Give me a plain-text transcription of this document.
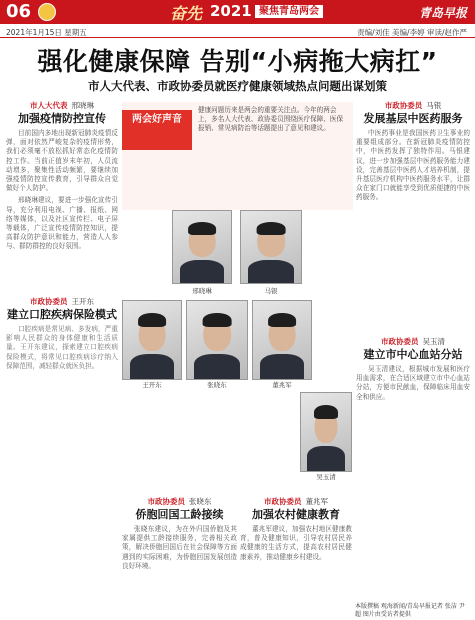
06	奋先 2021 聚焦青岛两会	青岛早报
2021年1月15日 星期五	责编/刘佳 美编/李婷 审读/赵作严
强化健康保障 告别“小病拖大病扛”
市人大代表、市政协委员就医疗健康领域热点问题出谋划策
市人大代表 邢晓琳
加强疫情防控宣传

目前国内多地出现新冠肺炎疫情反弹，面对依然严峻复杂的疫情形势，我们必须毫不放松抓好常态化疫情防控工作。当前正值岁末年初，人员流动增多，聚集性活动频繁，要继续加强疫情防控宣传教育，引导群众自觉做好个人防护。

邢晓琳建议，要进一步强化宣传引导，充分利用电视、广播、报纸、网络等媒体，以及社区宣传栏、电子屏等载体，广泛宣传疫情防控知识，提高群众防护意识和能力，营造人人参与、群防群控的良好氛围。

市政协委员 王开东
建立口腔疾病保险模式

口腔疾病是常见病、多发病，严重影响人民群众的身体健康和生活质量。王开东建议，探索建立口腔疾病保险模式，将常见口腔疾病诊疗纳入保障范围，减轻群众就医负担。

两会好声音
健康问题历来是两会的重要关注点。今年的两会上，多名人大代表、政协委员围绕医疗保障、医保报销、常见病防治等话题提出了意见和建议。
邢晓琳	马银
王开东	张晓东	董兆军
吴玉清
市政协委员 张晓东
侨胞回国工龄接续

张晓东建议，为在外归国侨胞及其家属提供工龄接续服务，完善相关政策，解决侨胞回国后在社会保障等方面遇到的实际困难，为侨胞回国发展创造良好环境。

市政协委员 董兆军
加强农村健康教育

董兆军建议，加强农村地区健康教育，普及健康知识，引导农村居民养成健康的生活方式，提高农村居民健康素养，推动健康乡村建设。

市政协委员 马银
发展基层中医药服务

中医药事业是我国医药卫生事业的重要组成部分。在新冠肺炎疫情防控中，中医药发挥了独特作用。马银建议，进一步加强基层中医药服务能力建设，完善基层中医药人才培养机制，提升基层医疗机构中医药服务水平，让群众在家门口就能享受到优质便捷的中医药服务。

市政协委员 吴玉清
建立市中心血站分站

吴玉清建议，根据城市发展和医疗用血需求，在合适区域建立市中心血站分站，方便市民献血，保障临床用血安全和供应。

本版撰稿 观海新闻/青岛早报记者 张洁 尹超 图片由受访者提供
